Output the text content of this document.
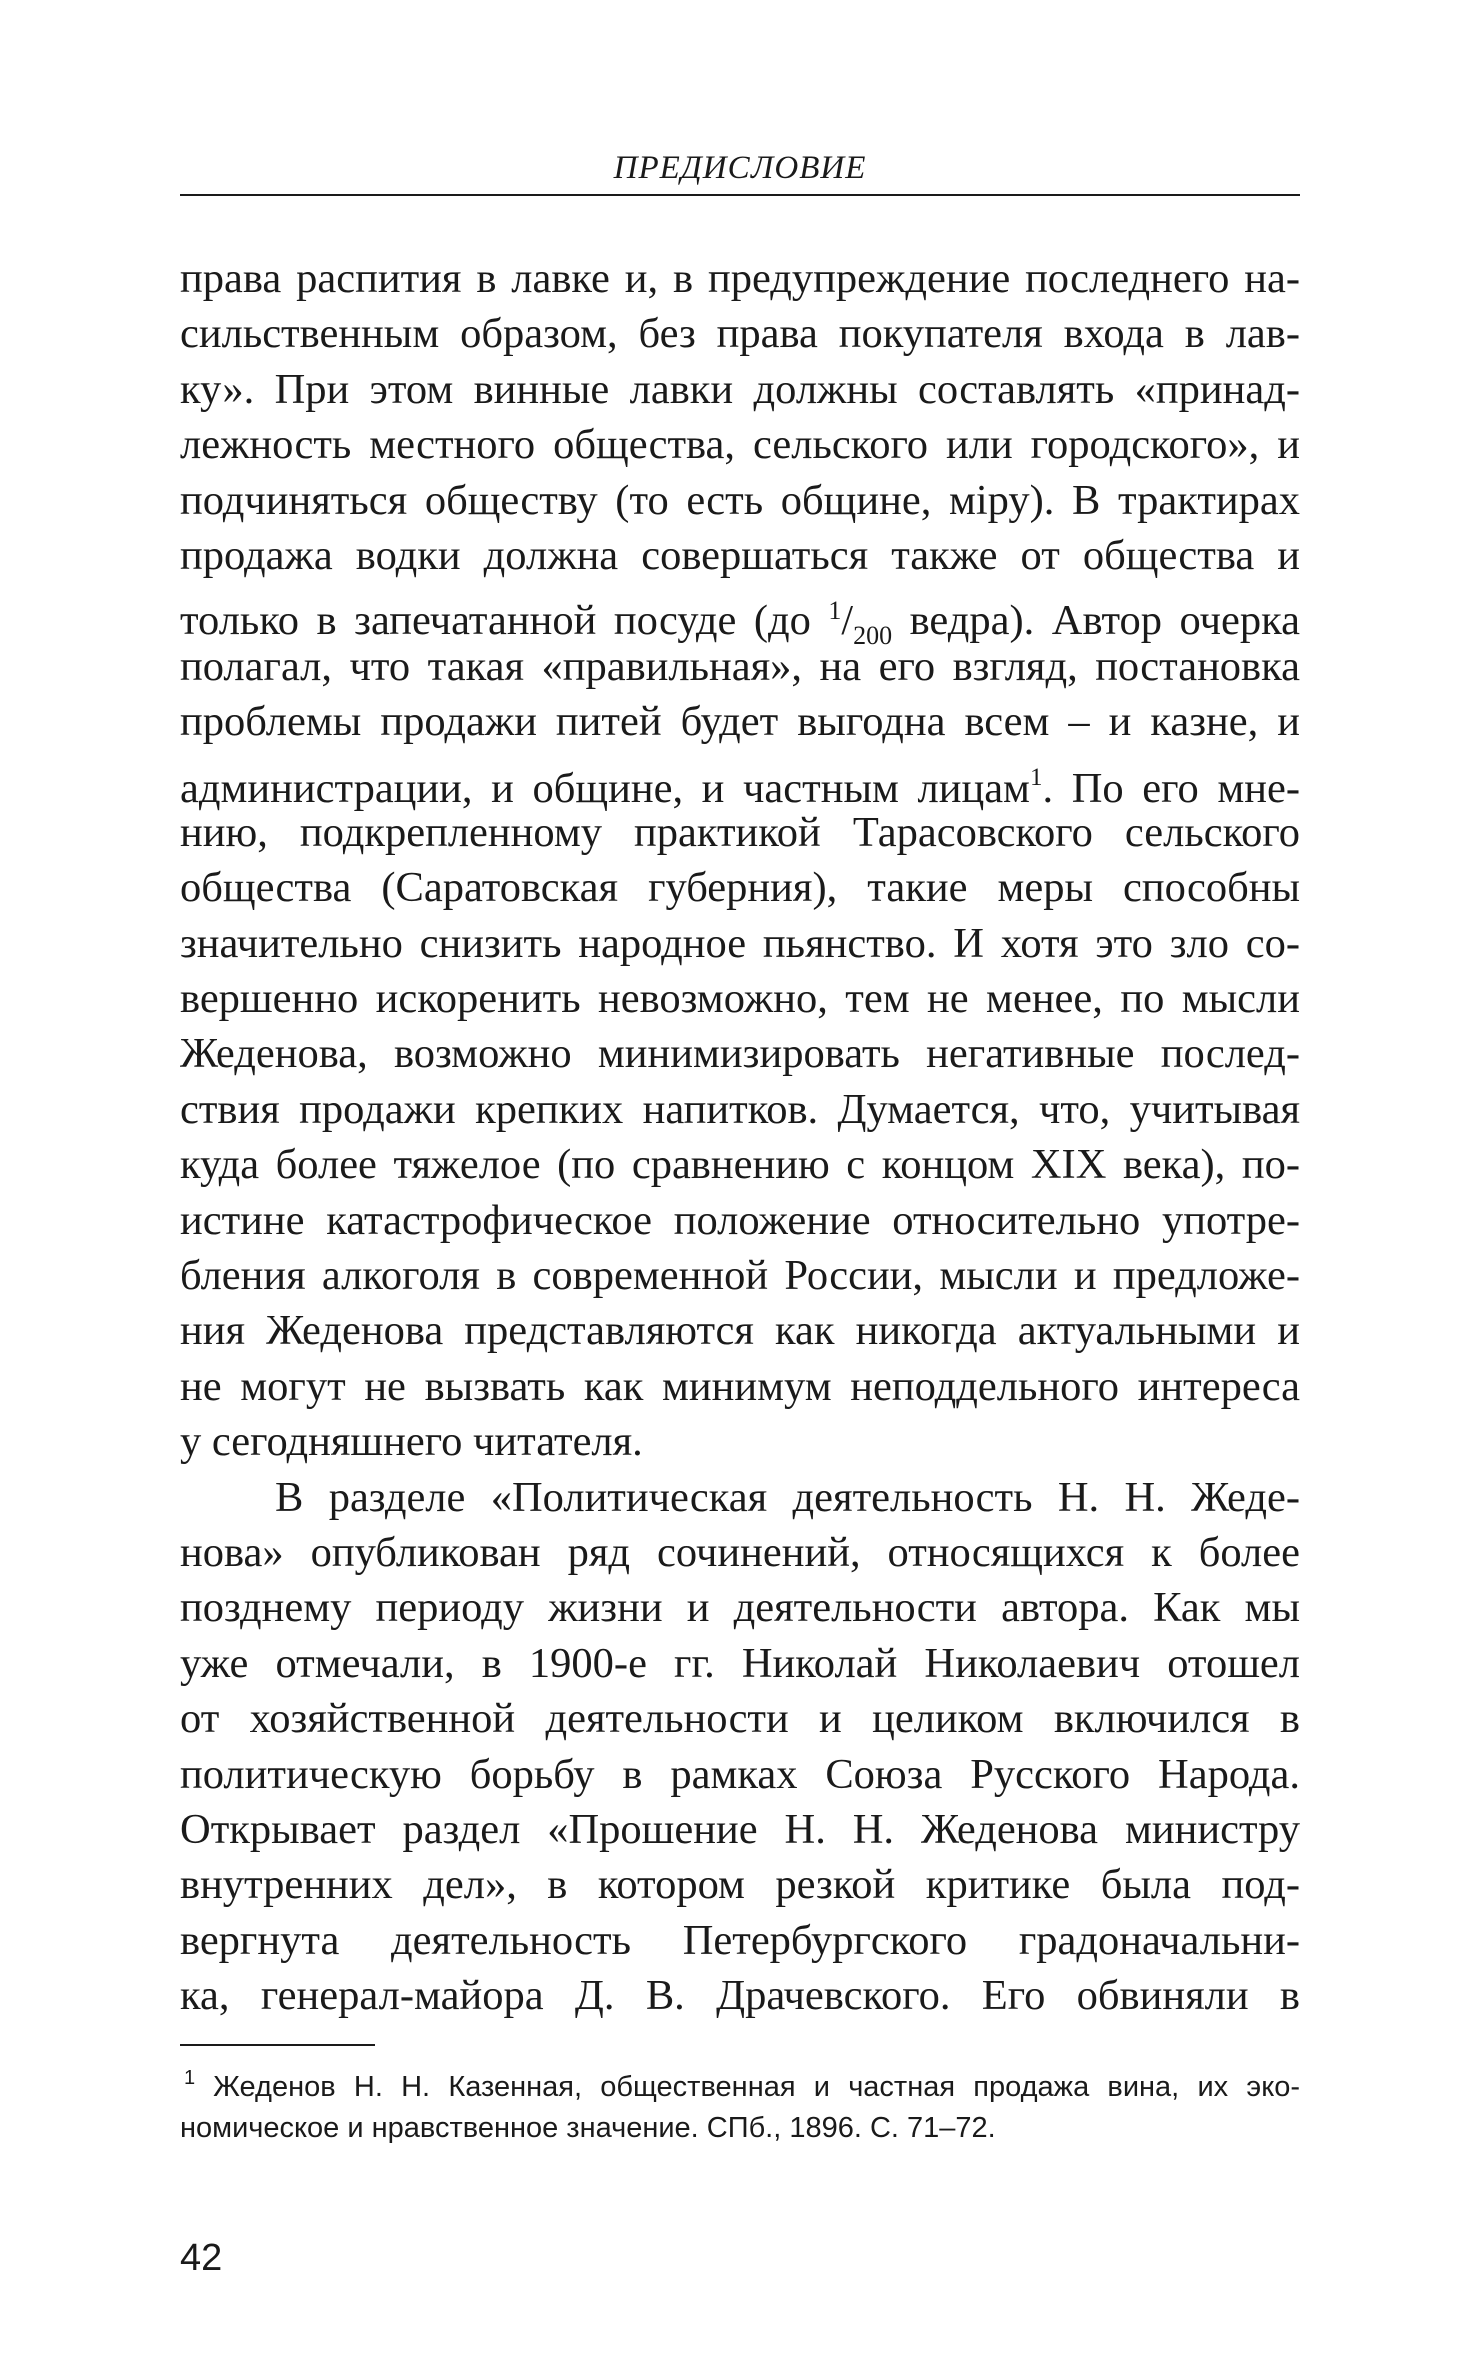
ПРЕДИСЛОВИЕ
права распития в лавке и, в предупреждение последнего на-
сильственным образом, без права покупателя входа в лав-
ку». При этом винные лавки должны составлять «принад-
лежность местного общества, сельского или городского», и
подчиняться обществу (то есть общине, міру). В трактирах
продажа водки должна совершаться также от общества и
только в запечатанной посуде (до $^1/_{200}$ ведра). Автор очерка
полагал, что такая «правильная», на его взгляд, постановка
проблемы продажи питей будет выгодна всем – и казне, и
администрации, и общине, и частным лицам$^1$. По его мне-
нию, подкрепленному практикой Тарасовского сельского
общества (Саратовская губерния), такие меры способны
значительно снизить народное пьянство. И хотя это зло со-
вершенно искоренить невозможно, тем не менее, по мысли
Жеденова, возможно минимизировать негативные послед-
ствия продажи крепких напитков. Думается, что, учитывая
куда более тяжелое (по сравнению с концом XIX века), по-
истине катастрофическое положение относительно употре-
бления алкоголя в современной России, мысли и предложе-
ния Жеденова представляются как никогда актуальными и
не могут не вызвать как минимум неподдельного интереса
у сегодняшнего читателя.
В разделе «Политическая деятельность Н. Н. Жеде-
нова» опубликован ряд сочинений, относящихся к более
позднему периоду жизни и деятельности автора. Как мы
уже отмечали, в 1900-е гг. Николай Николаевич отошел
от хозяйственной деятельности и целиком включился в
политическую борьбу в рамках Союза Русского Народа.
Открывает раздел «Прошение Н. Н. Жеденова министру
внутренних дел», в котором резкой критике была под-
вергнута деятельность Петербургского градоначальни-
ка, генерал-майора Д. В. Драчевского. Его обвиняли в
$^1$ Жеденов Н. Н. Казенная, общественная и частная продажа вина, их эко-
номическое и нравственное значение. СПб., 1896. С. 71–72.
42
